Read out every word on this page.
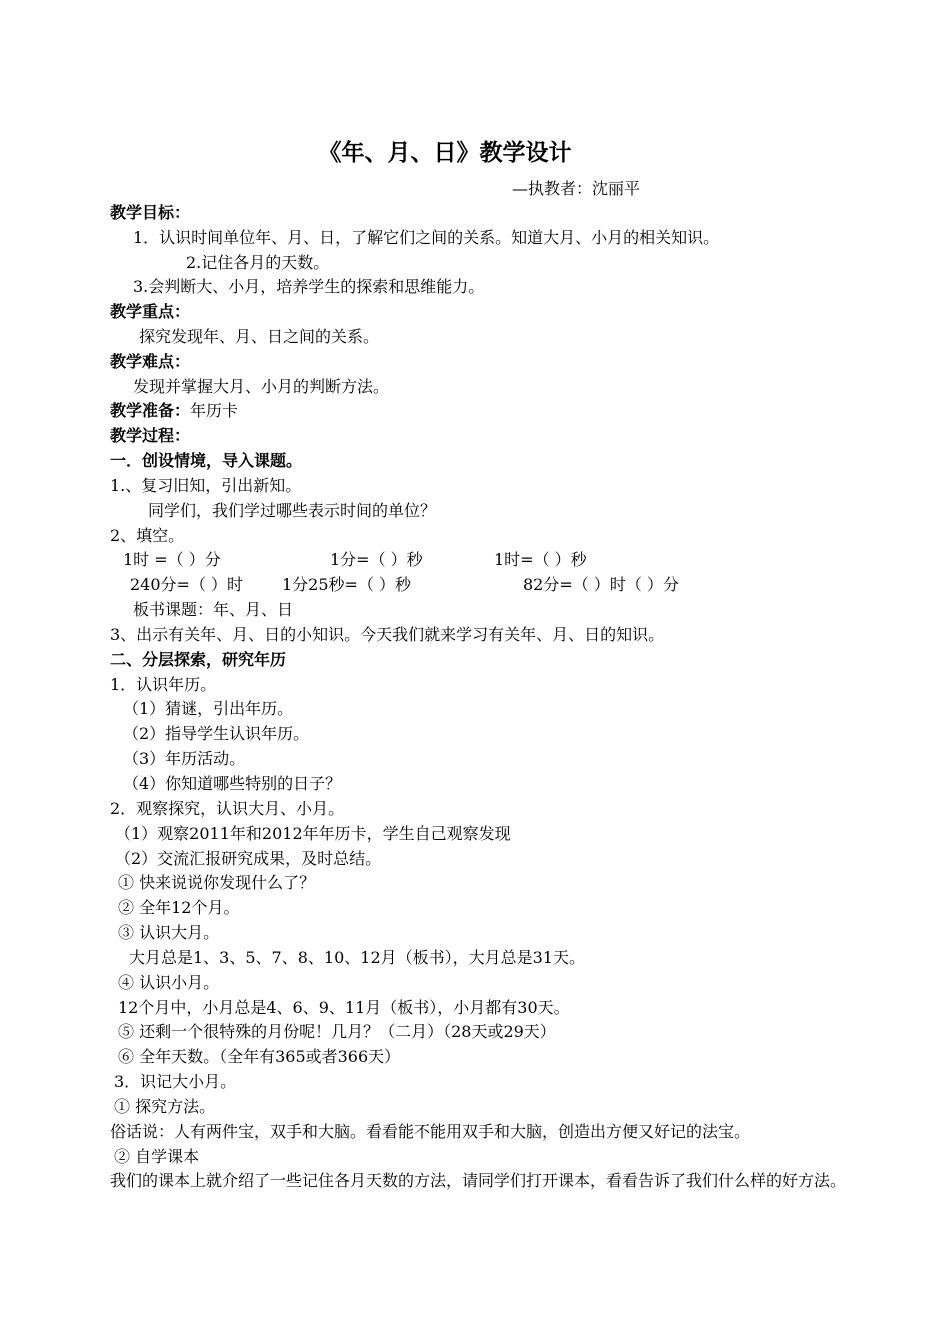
《年、月、日》教学设计
—执教者：沈丽平
教学目标：
1．认识时间单位年、月、日，了解它们之间的关系。知道大月、小月的相关知识。
2.记住各月的天数。
3.会判断大、小月，培养学生的探索和思维能力。
教学重点：
探究发现年、月、日之间的关系。
教学难点：
发现并掌握大月、小月的判断方法。
教学准备：年历卡
教学过程：
一．创设情境，导入课题。
1.、复习旧知，引出新知。
同学们，我们学过哪些表示时间的单位？
2、填空。
1时 =（ ）分	1分=（ ）秒	1时=（ ）秒
240分=（ ）时 1分25秒=（ ）秒	82分=（ ）时（ ）分
板书课题：年、月、日
3、出示有关年、月、日的小知识。今天我们就来学习有关年、月、日的知识。
二、分层探索，研究年历
1．认识年历。
（1）猜谜，引出年历。
（2）指导学生认识年历。
（3）年历活动。
（4）你知道哪些特别的日子？
2．观察探究，认识大月、小月。
（1）观察2011年和2012年年历卡，学生自己观察发现
（2）交流汇报研究成果，及时总结。
① 快来说说你发现什么了？
② 全年12个月。
③ 认识大月。
大月总是1、3、5、7、8、10、12月（板书），大月总是31天。
④ 认识小月。
12个月中，小月总是4、6、9、11月（板书），小月都有30天。
⑤ 还剩一个很特殊的月份呢！几月？（二月）（28天或29天）
⑥ 全年天数。（全年有365或者366天）
3．识记大小月。
① 探究方法。
俗话说：人有两件宝，双手和大脑。看看能不能用双手和大脑，创造出方便又好记的法宝。
② 自学课本
我们的课本上就介绍了一些记住各月天数的方法，请同学们打开课本，看看告诉了我们什么样的好方法。
